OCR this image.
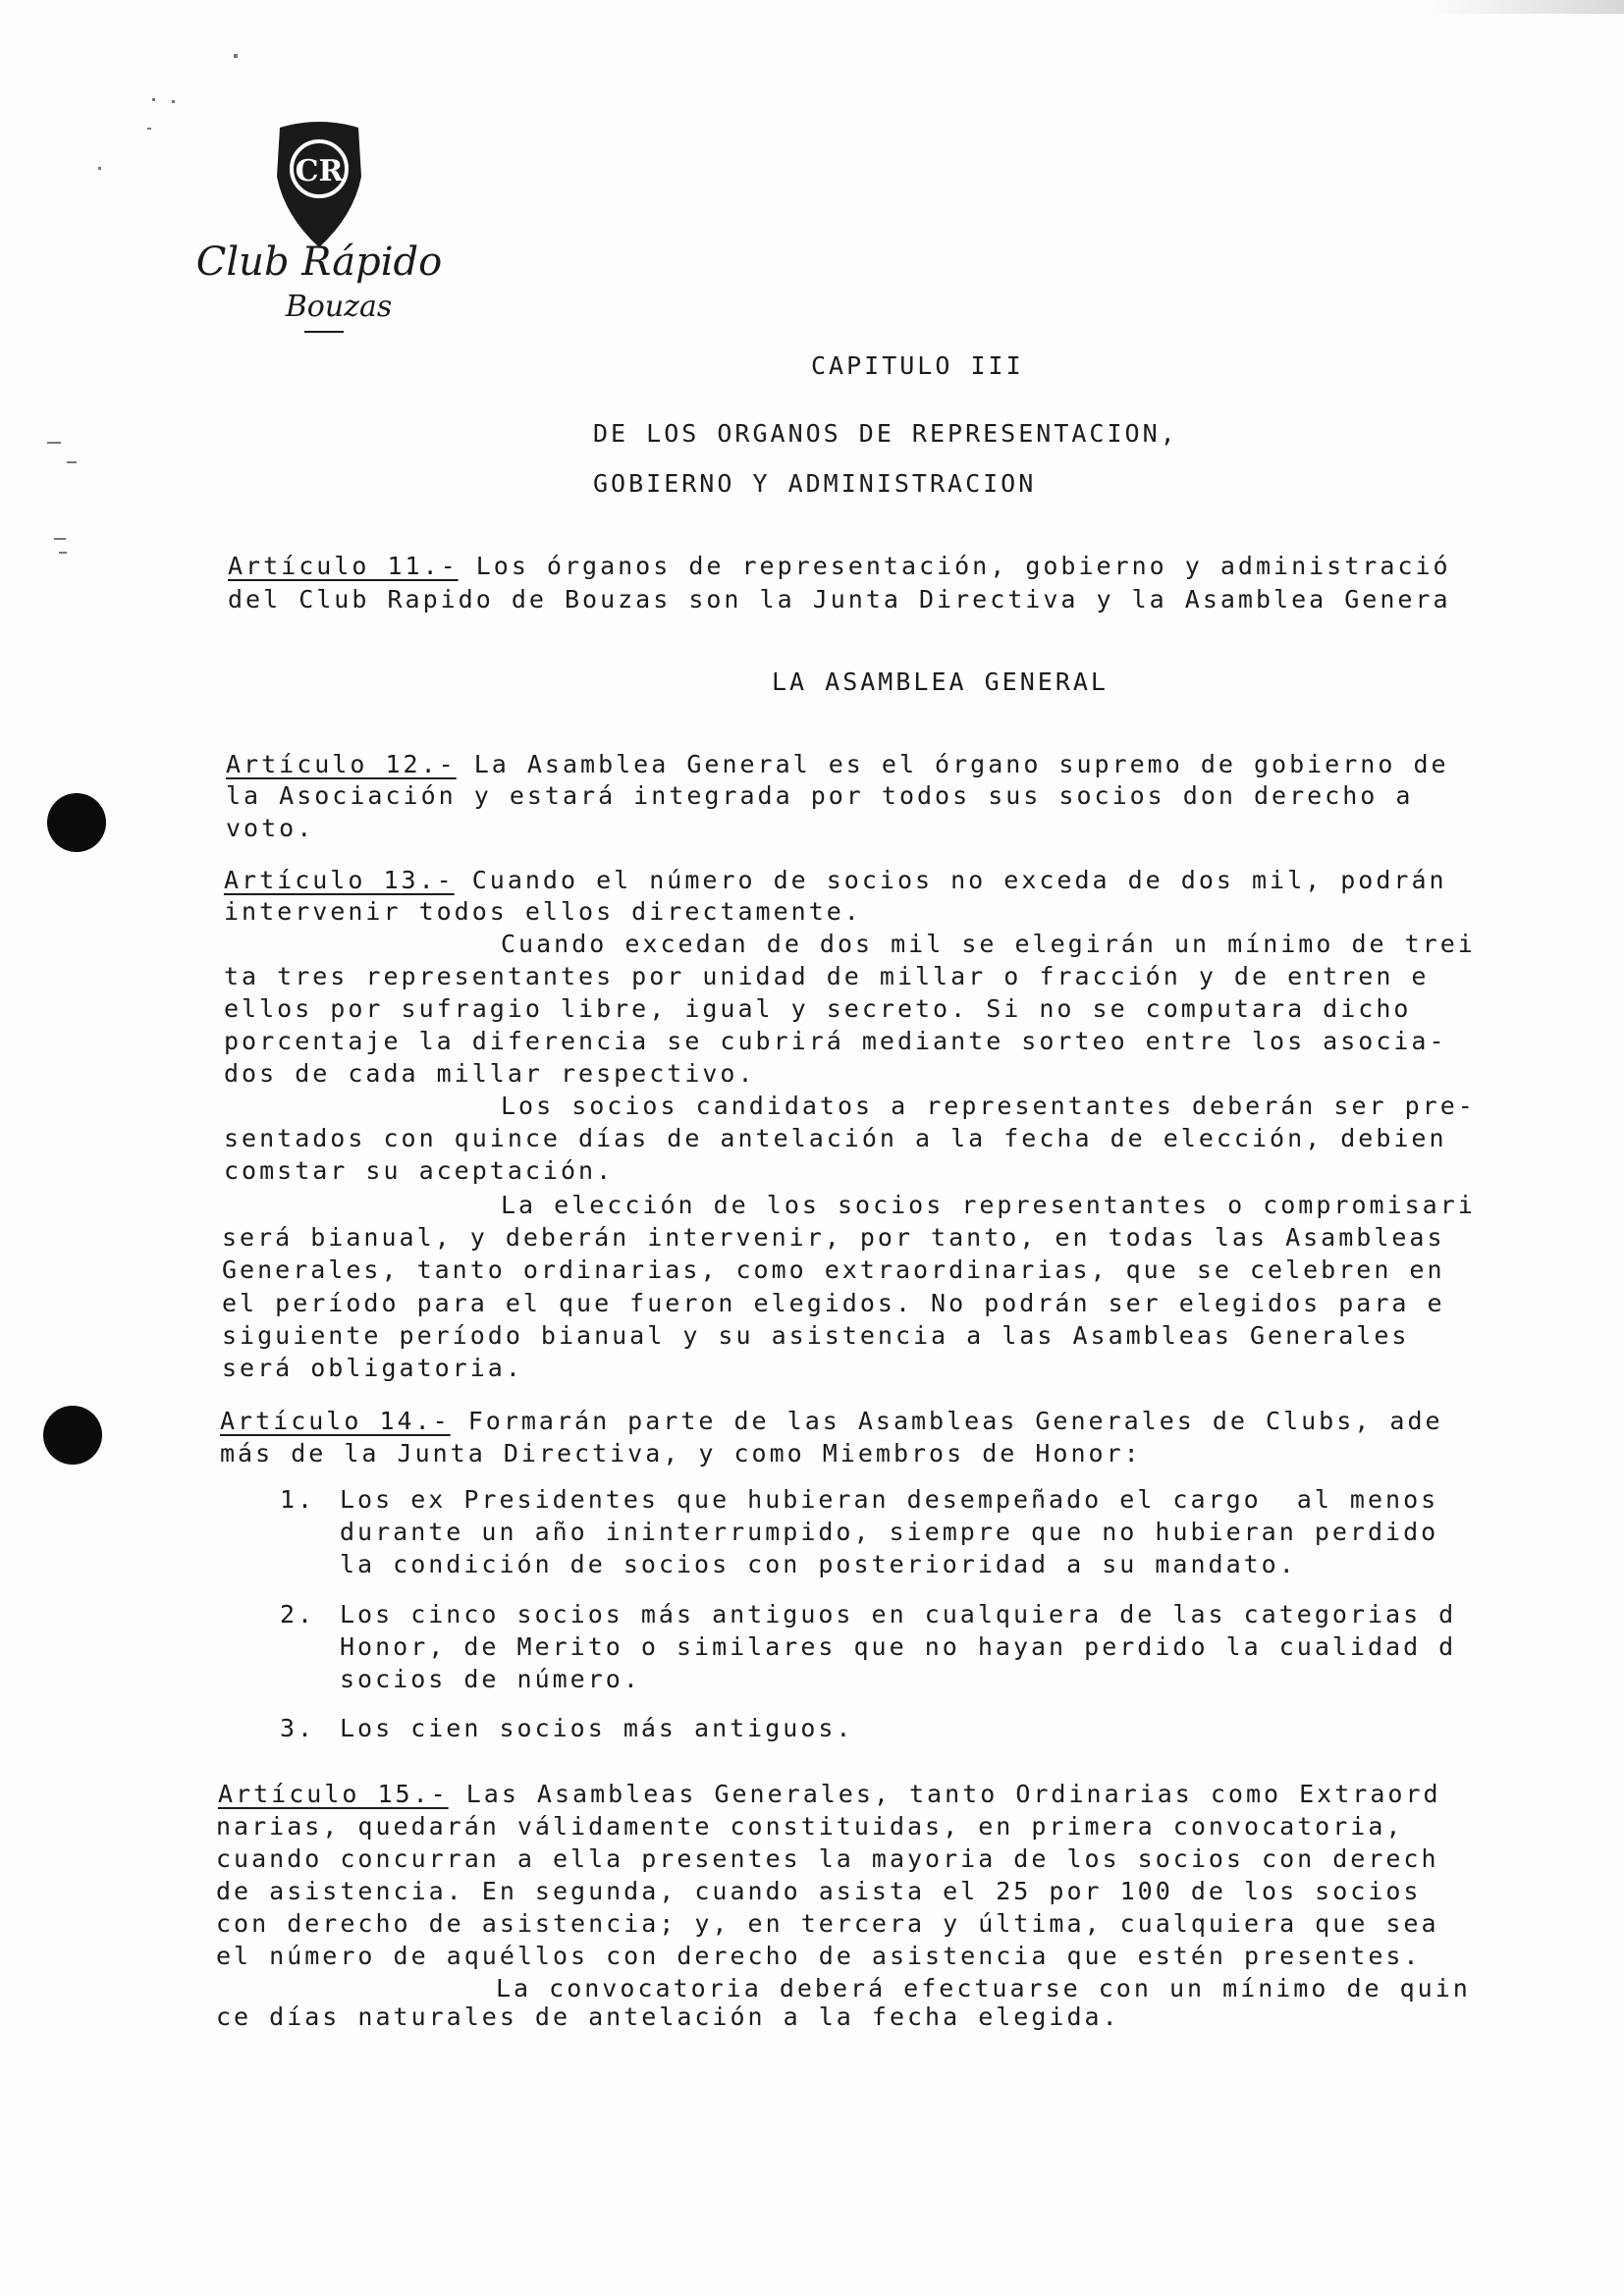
CR
Club Rápido
Bouzas

CAPITULO III

DE LOS ORGANOS DE REPRESENTACION,

GOBIERNO Y ADMINISTRACION

Artículo 11.- Los órganos de representación, gobierno y administració

del Club Rapido de Bouzas son la Junta Directiva y la Asamblea Genera

LA ASAMBLEA GENERAL

Artículo 12.- La Asamblea General es el órgano supremo de gobierno de

la Asociación y estará integrada por todos sus socios don derecho a

voto.

Artículo 13.- Cuando el número de socios no exceda de dos mil, podrán

intervenir todos ellos directamente.

Cuando excedan de dos mil se elegirán un mínimo de trei

ta tres representantes por unidad de millar o fracción y de entren e

ellos por sufragio libre, igual y secreto. Si no se computara dicho

porcentaje la diferencia se cubrirá mediante sorteo entre los asocia-

dos de cada millar respectivo.

Los socios candidatos a representantes deberán ser pre-

sentados con quince días de antelación a la fecha de elección, debien

comstar su aceptación.

La elección de los socios representantes o compromisari

será bianual, y deberán intervenir, por tanto, en todas las Asambleas

Generales, tanto ordinarias, como extraordinarias, que se celebren en

el período para el que fueron elegidos. No podrán ser elegidos para e

siguiente período bianual y su asistencia a las Asambleas Generales

será obligatoria.

Artículo 14.- Formarán parte de las Asambleas Generales de Clubs, ade

más de la Junta Directiva, y como Miembros de Honor:

1. Los ex Presidentes que hubieran desempeñado el cargo  al menos

durante un año ininterrumpido, siempre que no hubieran perdido

la condición de socios con posterioridad a su mandato.

2. Los cinco socios más antiguos en cualquiera de las categorias d

Honor, de Merito o similares que no hayan perdido la cualidad d

socios de número.

3. Los cien socios más antiguos.

Artículo 15.- Las Asambleas Generales, tanto Ordinarias como Extraord

narias, quedarán válidamente constituidas, en primera convocatoria,

cuando concurran a ella presentes la mayoria de los socios con derech

de asistencia. En segunda, cuando asista el 25 por 100 de los socios

con derecho de asistencia; y, en tercera y última, cualquiera que sea

el número de aquéllos con derecho de asistencia que estén presentes.

La convocatoria deberá efectuarse con un mínimo de quin

ce días naturales de antelación a la fecha elegida.
